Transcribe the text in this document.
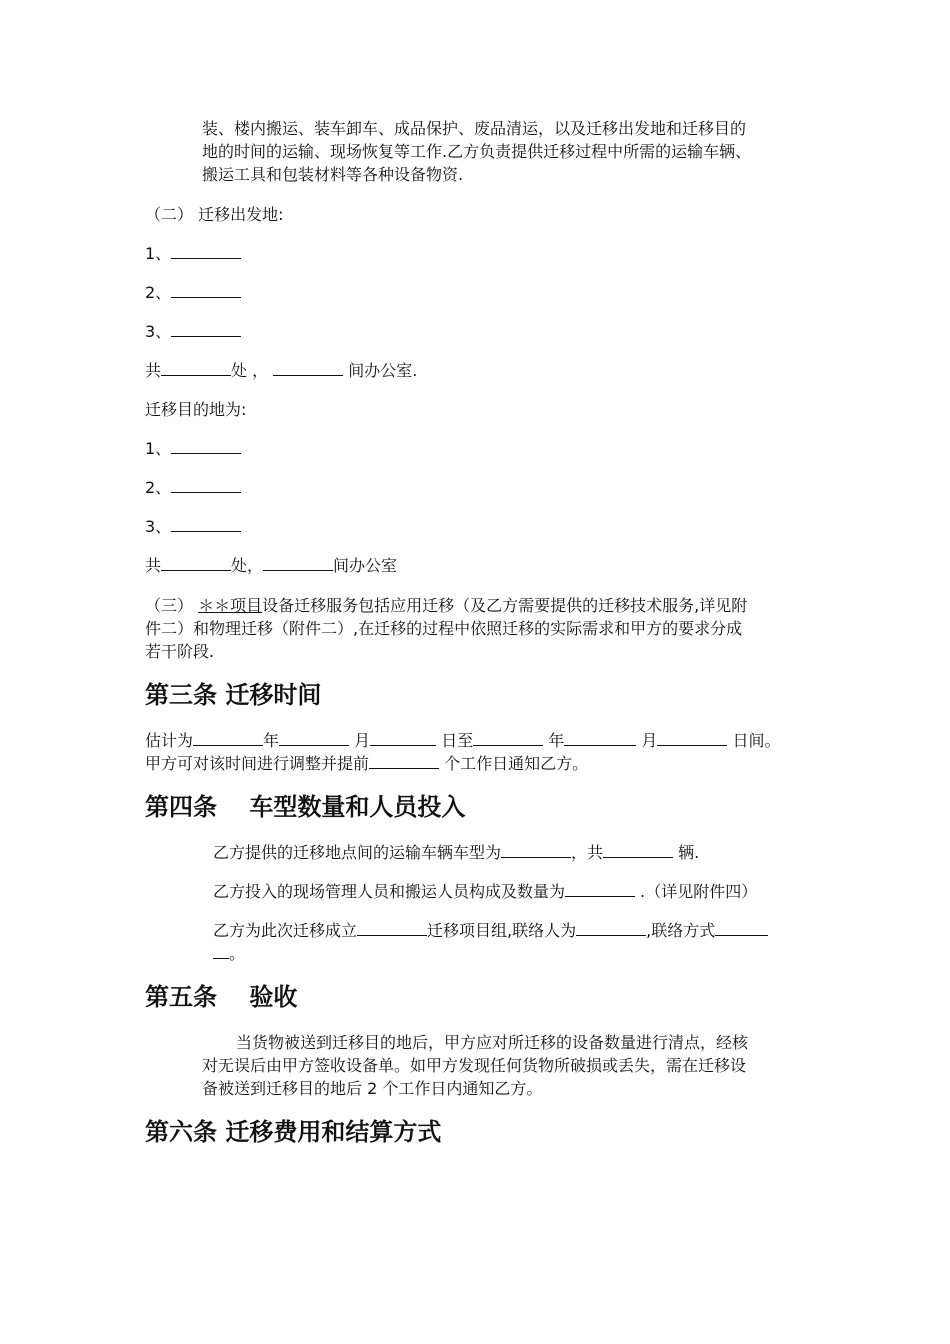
装、楼内搬运、装车卸车、成品保护、废品清运，以及迁移出发地和迁移目的
地的时间的运输、现场恢复等工作.乙方负责提供迁移过程中所需的运输车辆、
搬运工具和包装材料等各种设备物资.
（二） 迁移出发地:
1、
2、
3、
共	处 ，	间办公室.
迁移目的地为:
1、
2、
3、
共	处，	间办公室
（三） ＊＊项目设备迁移服务包括应用迁移（及乙方需要提供的迁移技术服务,详见附
件二）和物理迁移（附件二）,在迁移的过程中依照迁移的实际需求和甲方的要求分成
若干阶段.
第三条 迁移时间
估计为	年	月	日至	年	月	日间。
甲方可对该时间进行调整并提前	个工作日通知乙方。
第四条　 车型数量和人员投入
乙方提供的迁移地点间的运输车辆车型为	，共	辆.
乙方投入的现场管理人员和搬运人员构成及数量为	.（详见附件四）
乙方为此次迁移成立	迁移项目组,联络人为	,联络方式
。
第五条　 验收
当货物被送到迁移目的地后，甲方应对所迁移的设备数量进行清点，经核
对无误后由甲方签收设备单。如甲方发现任何货物所破损或丢失，需在迁移设
备被送到迁移目的地后 2 个工作日内通知乙方。
第六条 迁移费用和结算方式
